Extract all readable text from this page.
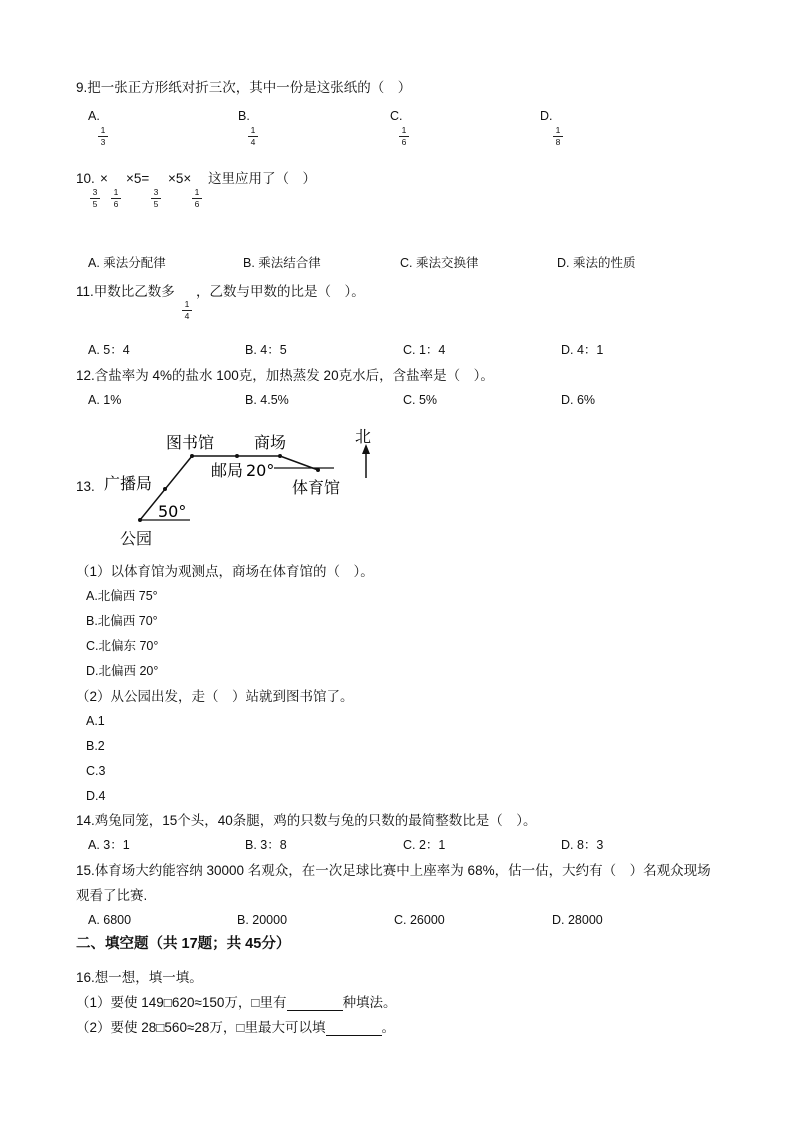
9.把一张正方形纸对折三次，其中一份是这张纸的（　）
A.
1
3
B.
1
4
C.
1
6
D.
1
8
10. × ×5= ×5× 这里应用了（　）
3
5
1
6
3
5
1
6
A. 乘法分配律	B. 乘法结合律	C. 乘法交换律	D. 乘法的性质
11.甲数比乙数多
1
4
，乙数与甲数的比是（　）。
A. 5：4	B. 4：5	C. 1：4	D. 4：1
12.含盐率为 4%的盐水 100克，加热蒸发 20克水后，含盐率是（　）。
A. 1%	B. 4.5%	C. 5%	D. 6%
13.
图书馆 商场
邮局 20°
体育馆
广播局
50°
公园
北
（1）以体育馆为观测点，商场在体育馆的（　）。
A.北偏西 75°
B.北偏西 70°
C.北偏东 70°
D.北偏西 20°
（2）从公园出发，走（　）站就到图书馆了。
A.1
B.2
C.3
D.4
14.鸡兔同笼，15个头，40条腿，鸡的只数与兔的只数的最简整数比是（　）。
A. 3：1	B. 3：8	C. 2：1	D. 8：3
15.体育场大约能容纳 30000 名观众，在一次足球比赛中上座率为 68%，估一估，大约有（　）名观众现场
观看了比赛.
A. 6800	B. 20000	C. 26000	D. 28000
二、填空题（共 17题；共 45分）
16.想一想，填一填。
（1）要使 149□620≈150万，□里有	种填法。
（2）要使 28□560≈28万，□里最大可以填	。
